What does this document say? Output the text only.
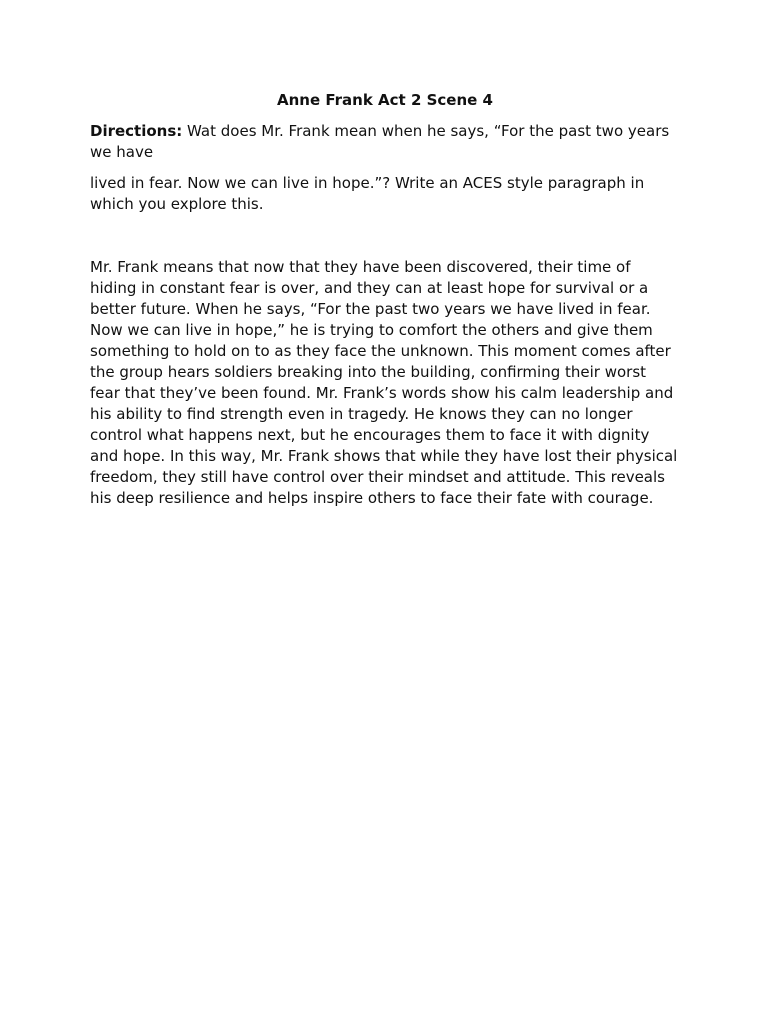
Anne Frank Act 2 Scene 4

Directions: Wat does Mr. Frank mean when he says, “For the past two years we have

lived in fear. Now we can live in hope.”? Write an ACES style paragraph in which you explore this.

Mr. Frank means that now that they have been discovered, their time of hiding in constant fear is over, and they can at least hope for survival or a better future. When he says, “For the past two years we have lived in fear. Now we can live in hope,” he is trying to comfort the others and give them something to hold on to as they face the unknown. This moment comes after the group hears soldiers breaking into the building, confirming their worst fear that they’ve been found. Mr. Frank’s words show his calm leadership and his ability to find strength even in tragedy. He knows they can no longer control what happens next, but he encourages them to face it with dignity and hope. In this way, Mr. Frank shows that while they have lost their physical freedom, they still have control over their mindset and attitude. This reveals his deep resilience and helps inspire others to face their fate with courage.
